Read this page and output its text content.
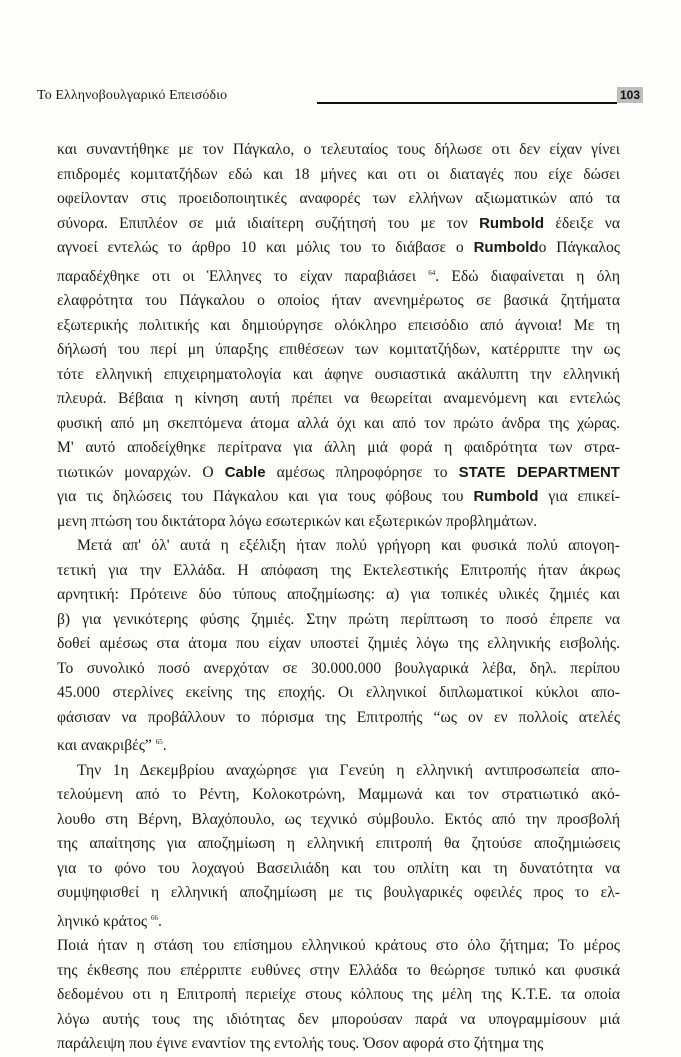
Το Ελληνοβουλγαρικό Επεισόδιο	103

και συναντήθηκε με τον Πάγκαλο, ο τελευταίος τους δήλωσε οτι δεν είχαν γίνει
επιδρομές κομιτατζήδων εδώ και 18 μήνες και οτι οι διαταγές που είχε δώσει
οφείλονταν στις προειδοποιητικές αναφορές των ελλήνων αξιωματικών από τα
σύνορα. Επιπλέον σε μιά ιδιαίτερη συζήτησή του με τον Rumbold έδειξε να
αγνοεί εντελώς το άρθρο 10 και μόλις του το διάβασε ο Rumboldο Πάγκαλος
παραδέχθηκε οτι οι Ἑλληνες το είχαν παραβιάσει $^{64}$. Εδώ διαφαίνεται η όλη
ελαφρότητα του Πάγκαλου ο οποίος ήταν ανενημέρωτος σε βασικά ζητήματα
εξωτερικής πολιτικής και δημιούργησε ολόκληρο επεισόδιο από άγνοια! Με τη
δήλωσή του περί μη ύπαρξης επιθέσεων των κομιτατζήδων, κατέρριπτε την ως
τότε ελληνική επιχειρηματολογία και άφηνε ουσιαστικά ακάλυπτη την ελληνική
πλευρά. Βέβαια η κίνηση αυτή πρέπει να θεωρείται αναμενόμενη και εντελώς
φυσική από μη σκεπτόμενα άτομα αλλά όχι και από τον πρώτο άνδρα της χώρας.
Μ' αυτό αποδείχθηκε περίτρανα για άλλη μιά φορά η φαιδρότητα των στρα-
τιωτικών μοναρχών. Ο Cable αμέσως πληροφόρησε το STATE DEPARTMENT
για τις δηλώσεις του Πάγκαλου και για τους φόβους του Rumbold για επικεί-
μενη πτώση του δικτάτορα λόγω εσωτερικών και εξωτερικών προβλημάτων.

Μετά απ' όλ' αυτά η εξέλιξη ήταν πολύ γρήγορη και φυσικά πολύ απογοη-
τετική για την Ελλάδα. Η απόφαση της Εκτελεστικής Επιτροπής ήταν άκρως
αρνητική: Πρότεινε δύο τύπους αποζημίωσης: α) για τοπικές υλικές ζημιές και
β) για γενικότερης φύσης ζημιές. Στην πρώτη περίπτωση το ποσό έπρεπε να
δοθεί αμέσως στα άτομα που είχαν υποστεί ζημιές λόγω της ελληνικής εισβολής.
Το συνολικό ποσό ανερχόταν σε 30.000.000 βουλγαρικά λέβα, δηλ. περίπου
45.000 στερλίνες εκείνης της εποχής. Οι ελληνικοί διπλωματικοί κύκλοι απο-
φάσισαν να προβάλλουν το πόρισμα της Επιτροπής “ως ον εν πολλοίς ατελές
και ανακριβές” $^{65}$.

Την 1η Δεκεμβρίου αναχώρησε για Γενεύη η ελληνική αντιπροσωπεία απο-
τελούμενη από το Ρέντη, Κολοκοτρώνη, Μαμμωνά και τον στρατιωτικό ακό-
λουθο στη Βέρνη, Βλαχόπουλο, ως τεχνικό σύμβουλο. Εκτός από την προσβολή
της απαίτησης για αποζημίωση η ελληνική επιτροπή θα ζητούσε αποζημιώσεις
για το φόνο του λοχαγού Βασειλιάδη και του οπλίτη και τη δυνατότητα να
συμψηφισθεί η ελληνική αποζημίωση με τις βουλγαρικές οφειλές προς το ελ-
ληνικό κράτος $^{66}$.

Ποιά ήταν η στάση του επίσημου ελληνικού κράτους στο όλο ζήτημα; Το μέρος
της έκθεσης που επέρριπτε ευθύνες στην Ελλάδα το θεώρησε τυπικό και φυσικά
δεδομένου οτι η Επιτροπή περιείχε στους κόλπους της μέλη της Κ.Τ.Ε. τα οποία
λόγω αυτής τους της ιδιότητας δεν μπορούσαν παρά να υπογραμμίσουν μιά
παράλειψη που έγινε εναντίον της εντολής τους. Ὁσον αφορά στο ζήτημα της
